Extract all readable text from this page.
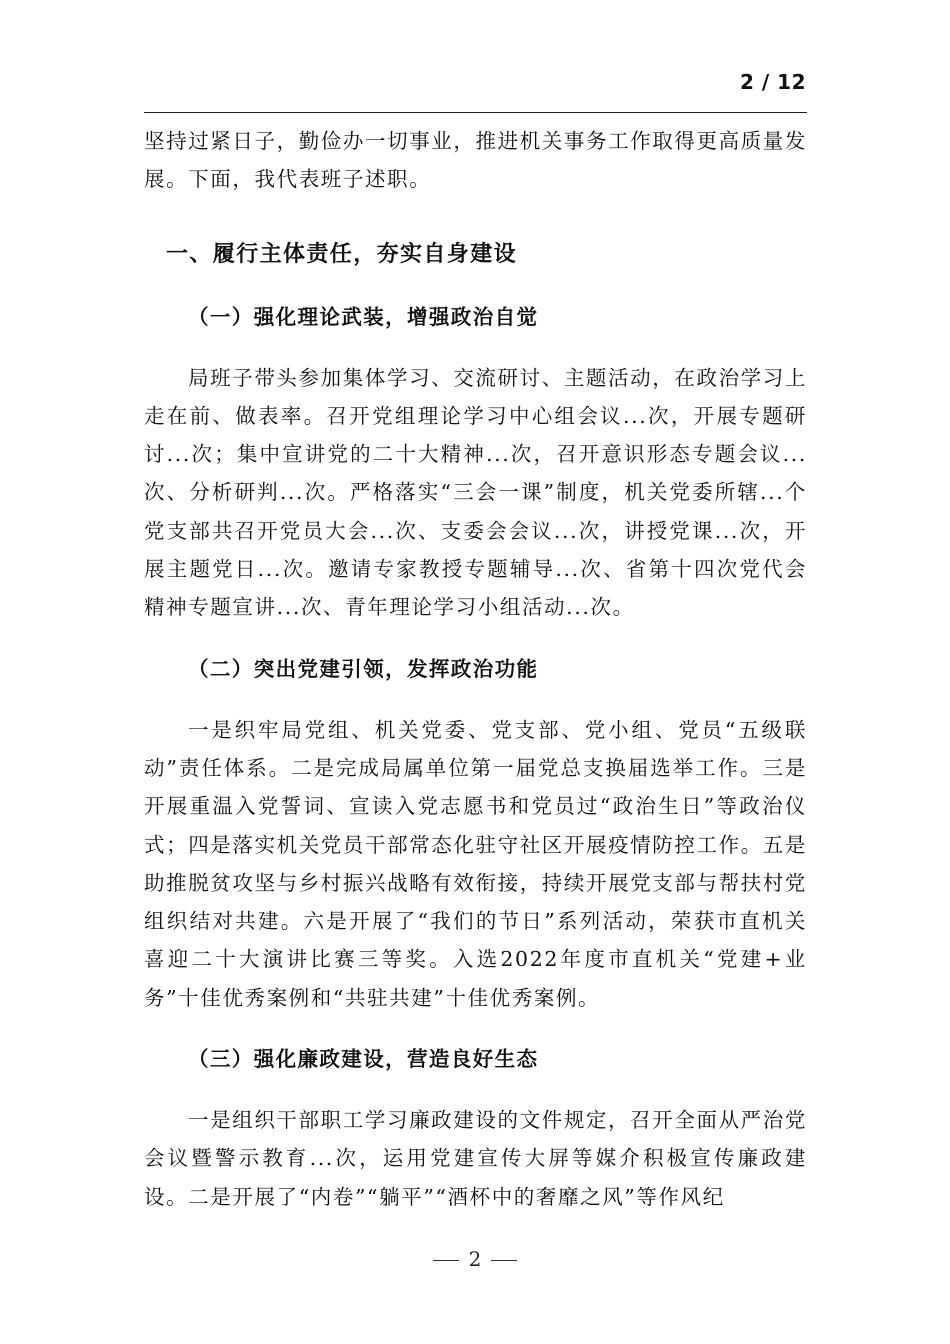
2 / 12

坚持过紧日子，勤俭办一切事业，推进机关事务工作取得更高质量发展。下面，我代表班子述职。

一、履行主体责任，夯实自身建设
（一）强化理论武装，增强政治自觉

局班子带头参加集体学习、交流研讨、主题活动，在政治学习上走在前、做表率。召开党组理论学习中心组会议...次，开展专题研讨...次；集中宣讲党的二十大精神...次，召开意识形态专题会议...次、分析研判...次。严格落实“三会一课”制度，机关党委所辖...个党支部共召开党员大会...次、支委会会议...次，讲授党课...次，开展主题党日...次。邀请专家教授专题辅导...次、省第十四次党代会精神专题宣讲...次、青年理论学习小组活动...次。

（二）突出党建引领，发挥政治功能

一是织牢局党组、机关党委、党支部、党小组、党员“五级联动”责任体系。二是完成局属单位第一届党总支换届选举工作。三是开展重温入党誓词、宣读入党志愿书和党员过“政治生日”等政治仪式；四是落实机关党员干部常态化驻守社区开展疫情防控工作。五是助推脱贫攻坚与乡村振兴战略有效衔接，持续开展党支部与帮扶村党组织结对共建。六是开展了“我们的节日”系列活动，荣获市直机关喜迎二十大演讲比赛三等奖。入选2022年度市直机关“党建+业务”十佳优秀案例和“共驻共建”十佳优秀案例。

（三）强化廉政建设，营造良好生态

一是组织干部职工学习廉政建设的文件规定，召开全面从严治党会议暨警示教育...次，运用党建宣传大屏等媒介积极宣传廉政建设。二是开展了“内卷”“躺平”“酒杯中的奢靡之风”等作风纪

2
